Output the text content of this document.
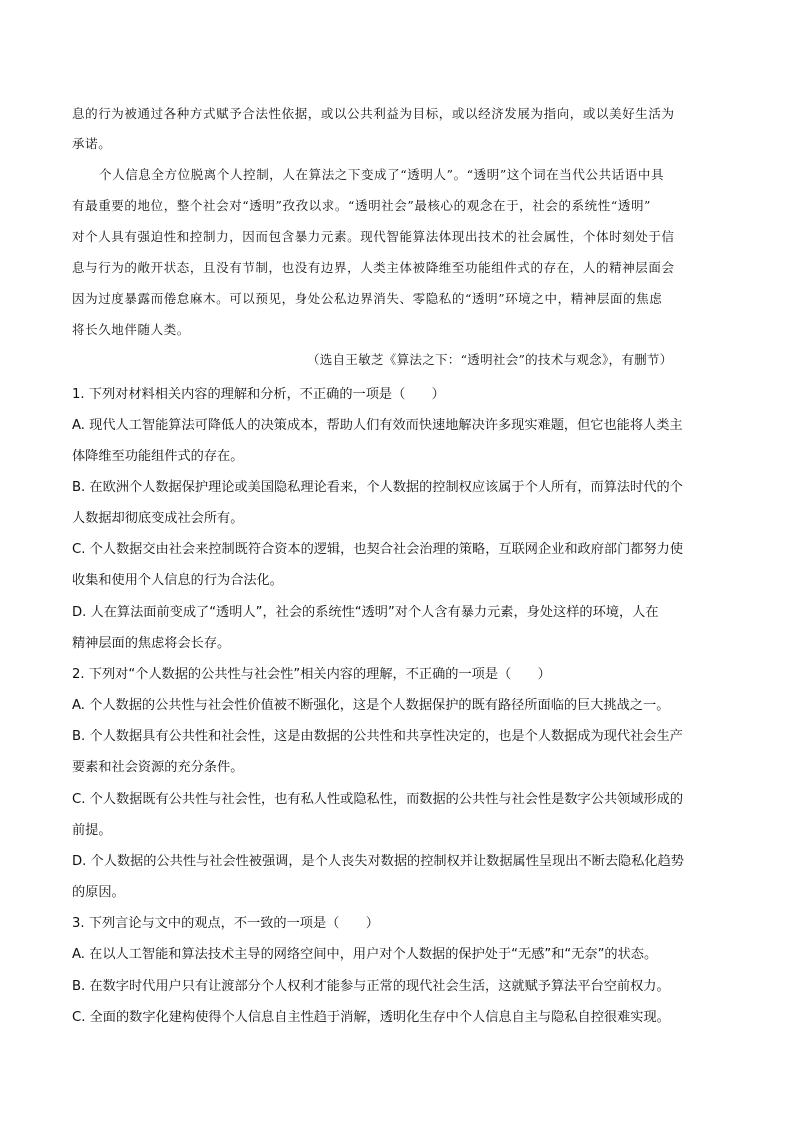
息的行为被通过各种方式赋予合法性依据，或以公共利益为目标，或以经济发展为指向，或以美好生活为
承诺。
个人信息全方位脱离个人控制，人在算法之下变成了“透明人”。“透明”这个词在当代公共话语中具
有最重要的地位，整个社会对“透明”孜孜以求。“透明社会”最核心的观念在于，社会的系统性“透明”
对个人具有强迫性和控制力，因而包含暴力元素。现代智能算法体现出技术的社会属性，个体时刻处于信
息与行为的敞开状态，且没有节制，也没有边界，人类主体被降维至功能组件式的存在，人的精神层面会
因为过度暴露而倦怠麻木。可以预见，身处公私边界消失、零隐私的“透明”环境之中，精神层面的焦虑
将长久地伴随人类。
（选自王敏芝《算法之下：“透明社会”的技术与观念》，有删节）
1. 下列对材料相关内容的理解和分析，不正确的一项是（　　）
A. 现代人工智能算法可降低人的决策成本，帮助人们有效而快速地解决许多现实难题，但它也能将人类主
体降维至功能组件式的存在。
B. 在欧洲个人数据保护理论或美国隐私理论看来，个人数据的控制权应该属于个人所有，而算法时代的个
人数据却彻底变成社会所有。
C. 个人数据交由社会来控制既符合资本的逻辑，也契合社会治理的策略，互联网企业和政府部门都努力使
收集和使用个人信息的行为合法化。
D. 人在算法面前变成了“透明人”，社会的系统性“透明”对个人含有暴力元素，身处这样的环境，人在
精神层面的焦虑将会长存。
2. 下列对“个人数据的公共性与社会性”相关内容的理解，不正确的一项是（　　）
A. 个人数据的公共性与社会性价值被不断强化，这是个人数据保护的既有路径所面临的巨大挑战之一。
B. 个人数据具有公共性和社会性，这是由数据的公共性和共享性决定的，也是个人数据成为现代社会生产
要素和社会资源的充分条件。
C. 个人数据既有公共性与社会性，也有私人性或隐私性，而数据的公共性与社会性是数字公共领域形成的
前提。
D. 个人数据的公共性与社会性被强调，是个人丧失对数据的控制权并让数据属性呈现出不断去隐私化趋势
的原因。
3. 下列言论与文中的观点，不一致的一项是（　　）
A. 在以人工智能和算法技术主导的网络空间中，用户对个人数据的保护处于“无感”和“无奈”的状态。
B. 在数字时代用户只有让渡部分个人权利才能参与正常的现代社会生活，这就赋予算法平台空前权力。
C. 全面的数字化建构使得个人信息自主性趋于消解，透明化生存中个人信息自主与隐私自控很难实现。
